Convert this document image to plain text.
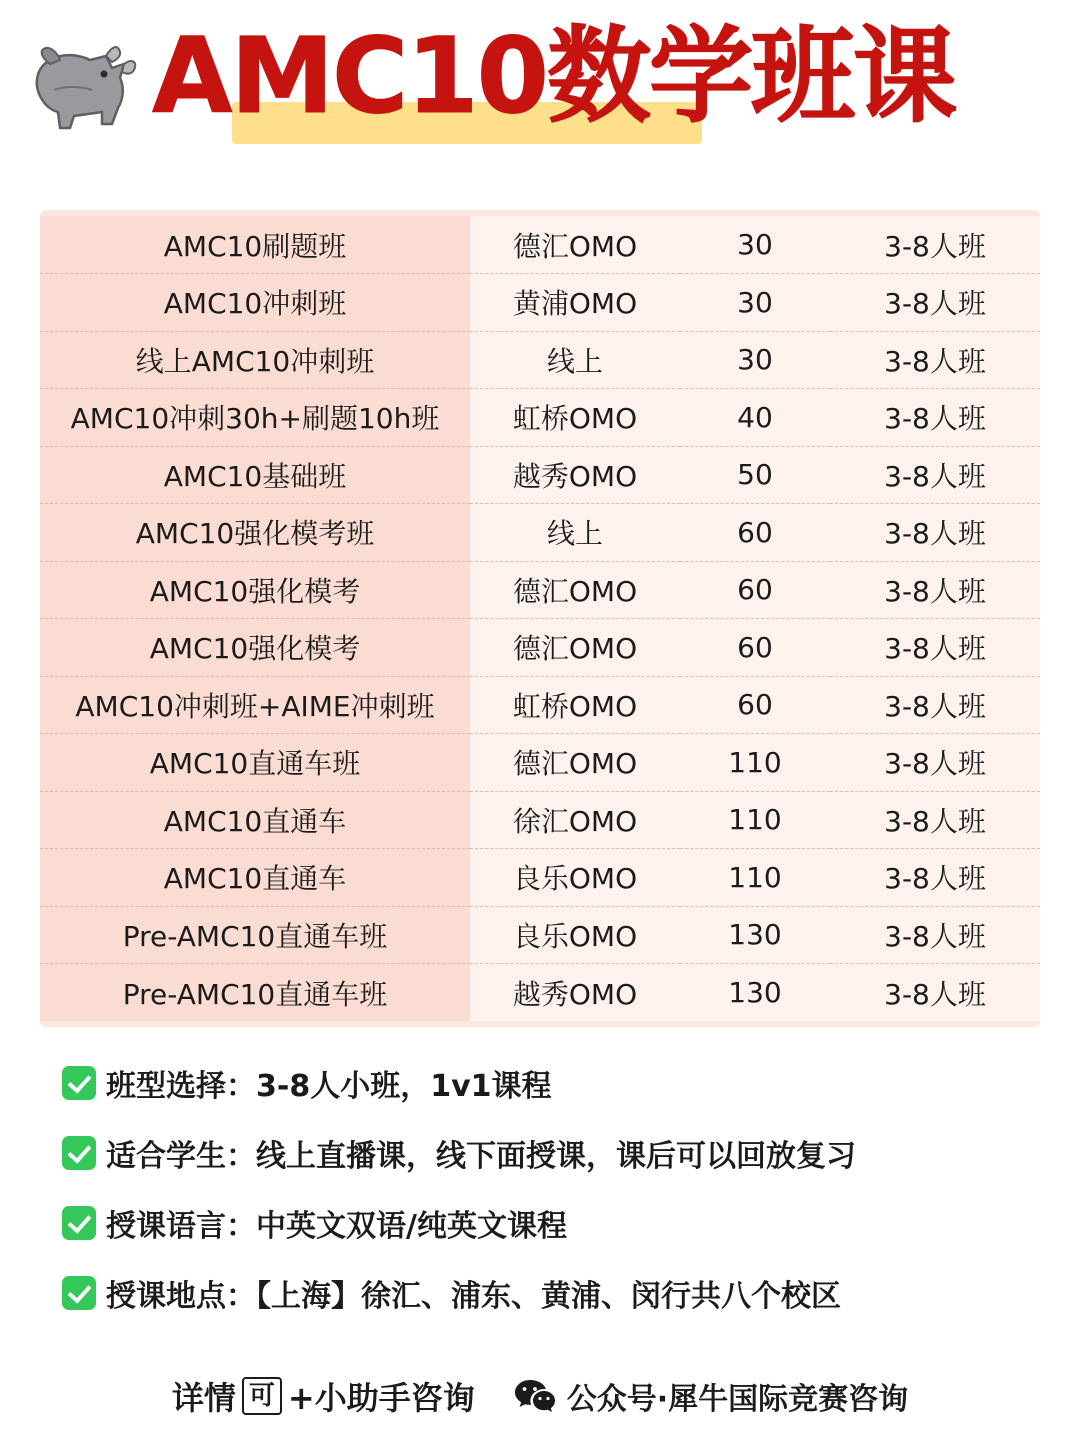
AMC10数学班课
AMC10刷题班	德汇OMO	30	3-8人班
AMC10冲刺班	黄浦OMO	30	3-8人班
线上AMC10冲刺班	线上	30	3-8人班
AMC10冲刺30h+刷题10h班	虹桥OMO	40	3-8人班
AMC10基础班	越秀OMO	50	3-8人班
AMC10强化模考班	线上	60	3-8人班
AMC10强化模考	德汇OMO	60	3-8人班
AMC10强化模考	德汇OMO	60	3-8人班
AMC10冲刺班+AIME冲刺班	虹桥OMO	60	3-8人班
AMC10直通车班	德汇OMO	110	3-8人班
AMC10直通车	徐汇OMO	110	3-8人班
AMC10直通车	良乐OMO	110	3-8人班
Pre-AMC10直通车班	良乐OMO	130	3-8人班
Pre-AMC10直通车班	越秀OMO	130	3-8人班
班型选择：3-8人小班，1v1课程
适合学生：线上直播课，线下面授课，课后可以回放复习
授课语言：中英文双语/纯英文课程
授课地点：【上海】徐汇、浦东、黄浦、闵行共八个校区
详情 可 +小助手咨询	公众号·犀牛国际竞赛咨询
